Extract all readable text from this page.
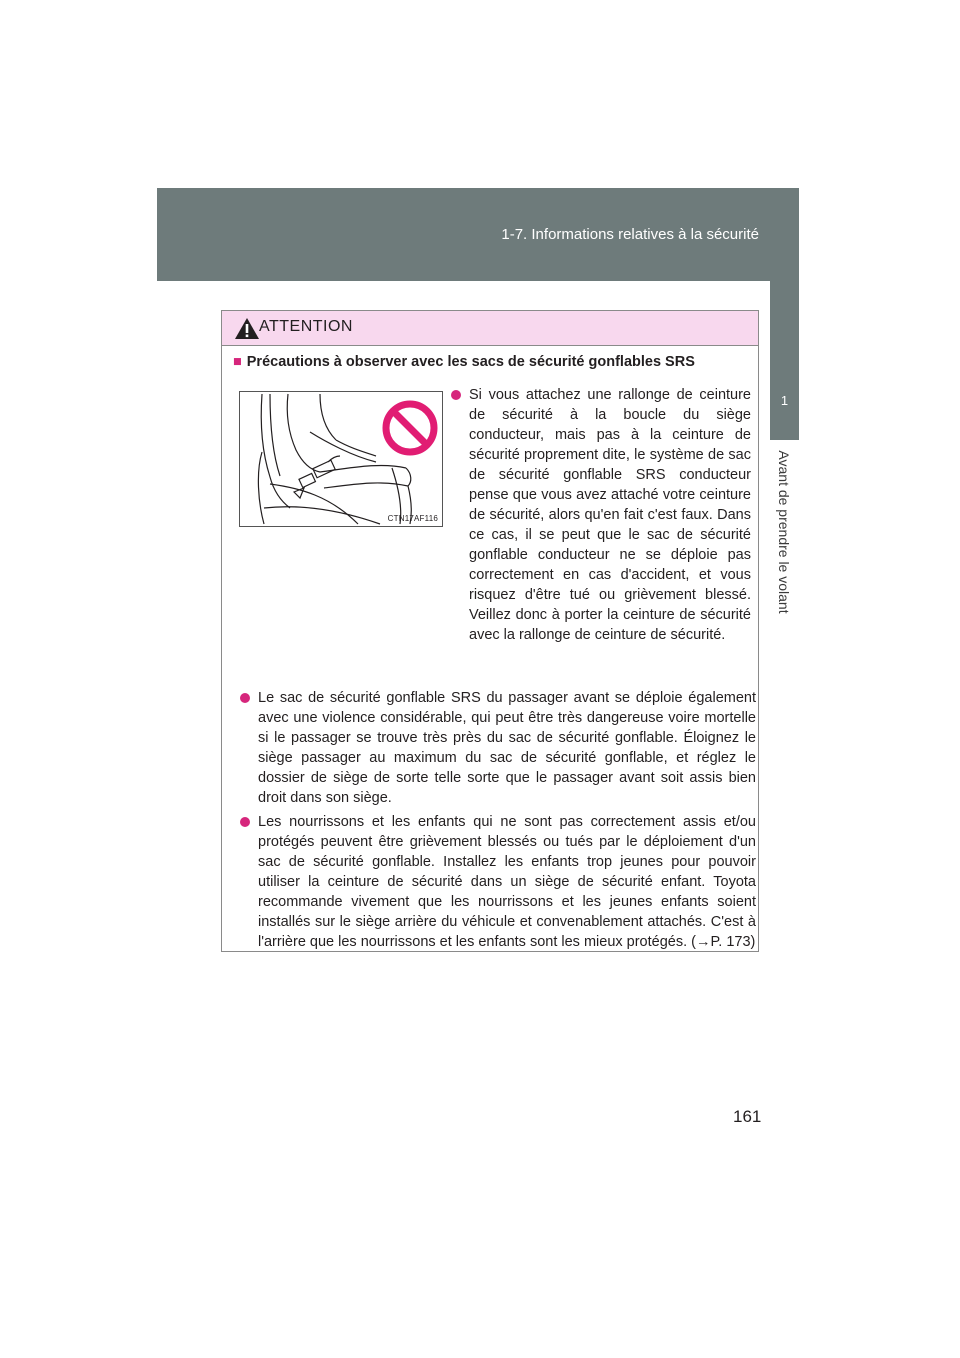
1-7. Informations relatives à la sécurité
1
Avant de prendre le volant
ATTENTION
■ Précautions à observer avec les sacs de sécurité gonflables SRS
CTN17AF116
Si vous attachez une rallonge de ceinture de sécurité à la boucle du siège conducteur, mais pas à la ceinture de sécurité proprement dite, le système de sac de sécurité gonflable SRS conducteur pense que vous avez attaché votre ceinture de sécurité, alors qu'en fait c'est faux. Dans ce cas, il se peut que le sac de sécurité gonflable conducteur ne se déploie pas correctement en cas d'accident, et vous risquez d'être tué ou grièvement blessé. Veillez donc à porter la ceinture de sécurité avec la rallonge de ceinture de sécurité.
Le sac de sécurité gonflable SRS du passager avant se déploie également avec une violence considérable, qui peut être très dangereuse voire mortelle si le passager se trouve très près du sac de sécurité gonflable. Éloignez le siège passager au maximum du sac de sécurité gonflable, et réglez le dossier de siège de sorte telle sorte que le passager avant soit assis bien droit dans son siège.
Les nourrissons et les enfants qui ne sont pas correctement assis et/ou protégés peuvent être grièvement blessés ou tués par le déploiement d'un sac de sécurité gonflable. Installez les enfants trop jeunes pour pouvoir utiliser la ceinture de sécurité dans un siège de sécurité enfant. Toyota recommande vivement que les nourrissons et les jeunes enfants soient installés sur le siège arrière du véhicule et convenablement attachés. C'est à l'arrière que les nourrissons et les enfants sont les mieux protégés. (→P. 173)
161
